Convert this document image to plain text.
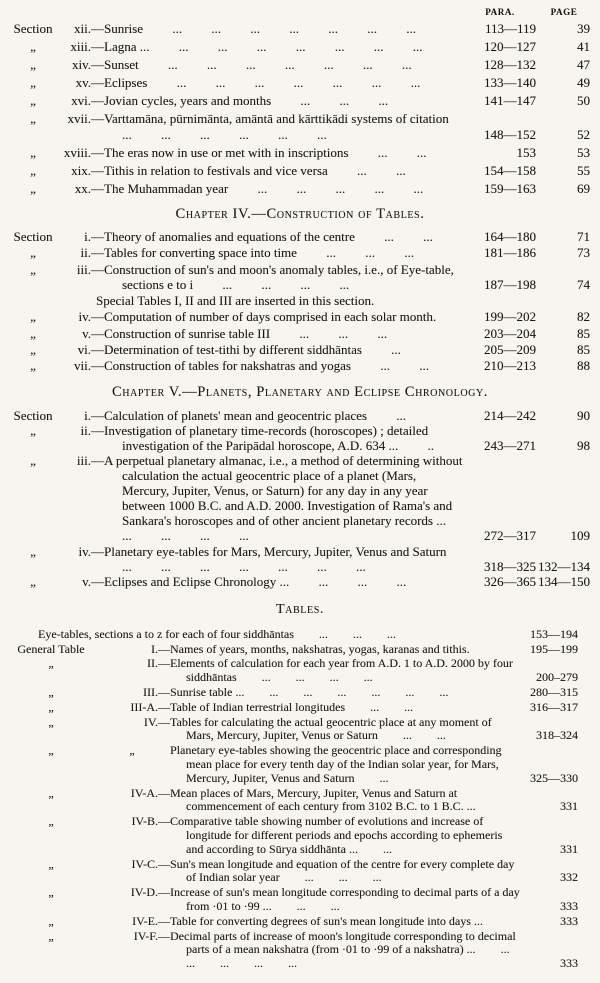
PARA.	PAGE
Section	xii.— Sunrise ... ... ... ... ... ... ...	113—119	39
„	xiii.— Lagna ... ... ... ... ... ... ... ...	120—127	41
„	xiv.— Sunset ... ... ... ... ... ... ...	128—132	47
„	xv.— Eclipses ... ... ... ... ... ... ...	133—140	49
„	xvi.— Jovian cycles, years and months ... ... ...	141—147	50
„	xvii.— Varttamāna, pūrnimānta, amāntā and kārttikādi systems of citation ... ... ... ... ... ...	148—152	52
„	xviii.— The eras now in use or met with in inscriptions ... ...	153	53
„	xix.— Tithis in relation to festivals and vice versa ... ...	154—158	55
„	xx.— The Muhammadan year ... ... ... ... ...	159—163	69
Chapter IV.—Construction of Tables.
Section	i.— Theory of anomalies and equations of the centre ... ...	164—180	71
„	ii.— Tables for converting space into time ... ... ...	181—186	73
„	iii.— Construction of sun's and moon's anomaly tables, i.e., of Eye-table, sections e to i ... ... ... ...	187—198	74
Special Tables I, II and III are inserted in this section.
„	iv.— Computation of number of days comprised in each solar month.	199—202	82
„	v.— Construction of sunrise table III ... ... ...	203—204	85
„	vi.— Determination of test-tithi by different siddhāntas ...	205—209	85
„	vii.— Construction of tables for nakshatras and yogas ... ...	210—213	88
Chapter V.—Planets, Planetary and Eclipse Chronology.
Section	i.— Calculation of planets' mean and geocentric places ...	214—242	90
„	ii.— Investigation of planetary time-records (horoscopes) ; detailed investigation of the Paripādal horoscope, A.D. 634 ... ..	243—271	98
„	iii.— A perpetual planetary almanac, i.e., a method of determining without calculation the actual geocentric place of a planet (Mars, Mercury, Jupiter, Venus, or Saturn) for any day in any year between 1000 B.C. and A.D. 2000. Investigation of Rama's and Sankara's horoscopes and of other ancient planetary records ... ... ... ... ...	272—317	109
„	iv.— Planetary eye-tables for Mars, Mercury, Jupiter, Venus and Saturn ... ... ... ... ... ... ...	318—325 132—134
„	v.— Eclipses and Eclipse Chronology ... ... ... ...	326—365 134—150
Tables.
Eye-tables, sections a to z for each of four siddhāntas ... ... ...	153—194
General Table	I.— Names of years, months, nakshatras, yogas, karanas and tithis.	195—199
„	II.— Elements of calculation for each year from A.D. 1 to A.D. 2000 by four siddhāntas ... ... ... ...	200–279
„	III.— Sunrise table ... ... ... ... ... ... ...	280—315
„	III-A.— Table of Indian terrestrial longitudes ... ...	316—317
„	IV.— Tables for calculating the actual geocentric place at any moment of Mars, Mercury, Jupiter, Venus or Saturn ... ...	318–324
„	„	Planetary eye-tables showing the geocentric place and corresponding mean place for every tenth day of the Indian solar year, for Mars, Mercury, Jupiter, Venus and Saturn ...	325—330
„	IV-A.— Mean places of Mars, Mercury, Jupiter, Venus and Saturn at commencement of each century from 3102 B.C. to 1 B.C. ...	331
„	IV-B.— Comparative table showing number of evolutions and increase of longitude for different periods and epochs according to ephemeris and according to Sūrya siddhānta ... ...	331
„	IV-C.— Sun's mean longitude and equation of the centre for every complete day of Indian solar year ... ... ...	332
„	IV-D.— Increase of sun's mean longitude corresponding to decimal parts of a day from ·01 to ·99 ... ... ...	333
„	IV-E.— Table for converting degrees of sun's mean longitude into days ...	333
„	IV-F.— Decimal parts of increase of moon's longitude corresponding to decimal parts of a mean nakshatra (from ·01 to ·99 of a nakshatra) ... ... ... ... ... ...	333
